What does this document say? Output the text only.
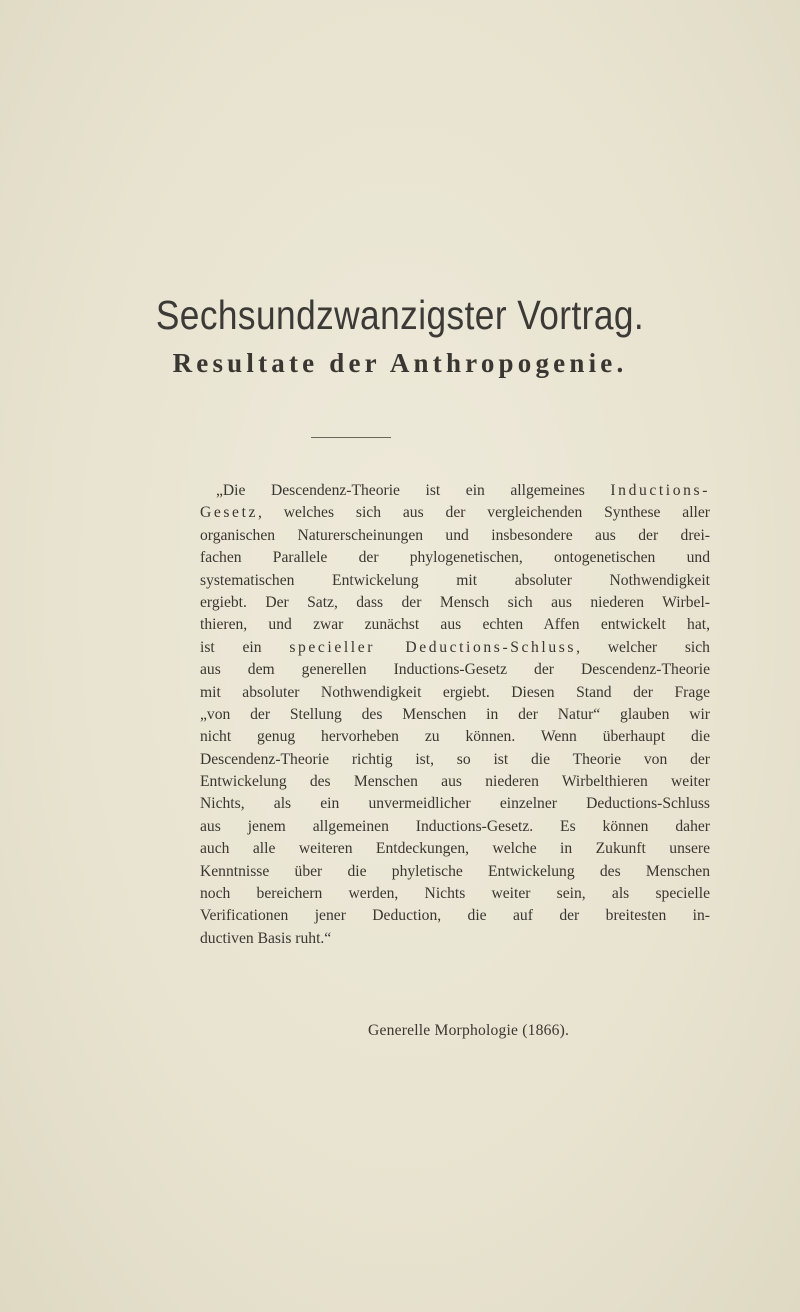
Sechsundzwanzigster Vortrag.
Resultate der Anthropogenie.
„Die Descendenz-Theorie ist ein allgemeines Inductions-
Gesetz, welches sich aus der vergleichenden Synthese aller
organischen Naturerscheinungen und insbesondere aus der drei-
fachen Parallele der phylogenetischen, ontogenetischen und
systematischen Entwickelung mit absoluter Nothwendigkeit
ergiebt. Der Satz, dass der Mensch sich aus niederen Wirbel-
thieren, und zwar zunächst aus echten Affen entwickelt hat,
ist ein specieller Deductions-Schluss, welcher sich
aus dem generellen Inductions-Gesetz der Descendenz-Theorie
mit absoluter Nothwendigkeit ergiebt. Diesen Stand der Frage
„von der Stellung des Menschen in der Natur“ glauben wir
nicht genug hervorheben zu können. Wenn überhaupt die
Descendenz-Theorie richtig ist, so ist die Theorie von der
Entwickelung des Menschen aus niederen Wirbelthieren weiter
Nichts, als ein unvermeidlicher einzelner Deductions-Schluss
aus jenem allgemeinen Inductions-Gesetz. Es können daher
auch alle weiteren Entdeckungen, welche in Zukunft unsere
Kenntnisse über die phyletische Entwickelung des Menschen
noch bereichern werden, Nichts weiter sein, als specielle
Verificationen jener Deduction, die auf der breitesten in-
ductiven Basis ruht.“
Generelle Morphologie (1866).
